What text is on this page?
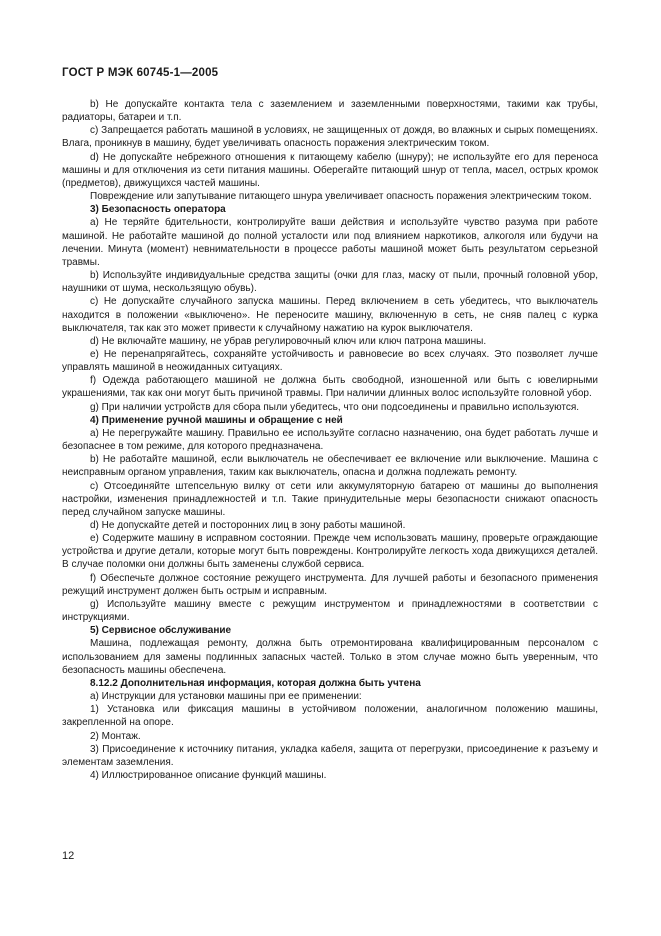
ГОСТ Р МЭК 60745-1—2005

b) Не допускайте контакта тела с заземлением и заземленными поверхностями, такими как трубы, радиаторы, батареи и т.п.

c) Запрещается работать машиной в условиях, не защищенных от дождя, во влажных и сырых помещениях. Влага, проникнув в машину, будет увеличивать опасность поражения электрическим током.

d) Не допускайте небрежного отношения к питающему кабелю (шнуру); не используйте его для переноса машины и для отключения из сети питания машины. Оберегайте питающий шнур от тепла, масел, острых кромок (предметов), движущихся частей машины.

Повреждение или запутывание питающего шнура увеличивает опасность поражения электрическим током.

3) Безопасность оператора

a) Не теряйте бдительности, контролируйте ваши действия и используйте чувство разума при работе машиной. Не работайте машиной до полной усталости или под влиянием наркотиков, алкоголя или будучи на лечении. Минута (момент) невнимательности в процессе работы машиной может быть результатом серьезной травмы.

b) Используйте индивидуальные средства защиты (очки для глаз, маску от пыли, прочный головной убор, наушники от шума, нескользящую обувь).

c) Не допускайте случайного запуска машины. Перед включением в сеть убедитесь, что выключатель находится в положении «выключено». Не переносите машину, включенную в сеть, не сняв палец с курка выключателя, так как это может привести к случайному нажатию на курок выключателя.

d) Не включайте машину, не убрав регулировочный ключ или ключ патрона машины.

e) Не перенапрягайтесь, сохраняйте устойчивость и равновесие во всех случаях. Это позволяет лучше управлять машиной в неожиданных ситуациях.

f) Одежда работающего машиной не должна быть свободной, изношенной или быть с ювелирными украшениями, так как они могут быть причиной травмы. При наличии длинных волос используйте головной убор.

g) При наличии устройств для сбора пыли убедитесь, что они подсоединены и правильно используются.

4) Применение ручной машины и обращение с ней

a) Не перегружайте машину. Правильно ее используйте согласно назначению, она будет работать лучше и безопаснее в том режиме, для которого предназначена.

b) Не работайте машиной, если выключатель не обеспечивает ее включение или выключение. Машина с неисправным органом управления, таким как выключатель, опасна и должна подлежать ремонту.

c) Отсоединяйте штепсельную вилку от сети или аккумуляторную батарею от машины до выполнения настройки, изменения принадлежностей и т.п. Такие принудительные меры безопасности снижают опасность перед случайном запуске машины.

d) Не допускайте детей и посторонних лиц в зону работы машиной.

e) Содержите машину в исправном состоянии. Прежде чем использовать машину, проверьте ограждающие устройства и другие детали, которые могут быть повреждены. Контролируйте легкость хода движущихся деталей. В случае поломки они должны быть заменены службой сервиса.

f) Обеспечьте должное состояние режущего инструмента. Для лучшей работы и безопасного применения режущий инструмент должен быть острым и исправным.

g) Используйте машину вместе с режущим инструментом и принадлежностями в соответствии с инструкциями.

5) Сервисное обслуживание

Машина, подлежащая ремонту, должна быть отремонтирована квалифицированным персоналом с использованием для замены подлинных запасных частей. Только в этом случае можно быть уверенным, что безопасность машины обеспечена.

8.12.2 Дополнительная информация, которая должна быть учтена

a) Инструкции для установки машины при ее применении:

1) Установка или фиксация машины в устойчивом положении, аналогичном положению машины, закрепленной на опоре.

2) Монтаж.

3) Присоединение к источнику питания, укладка кабеля, защита от перегрузки, присоединение к разъему и элементам заземления.

4) Иллюстрированное описание функций машины.

12
